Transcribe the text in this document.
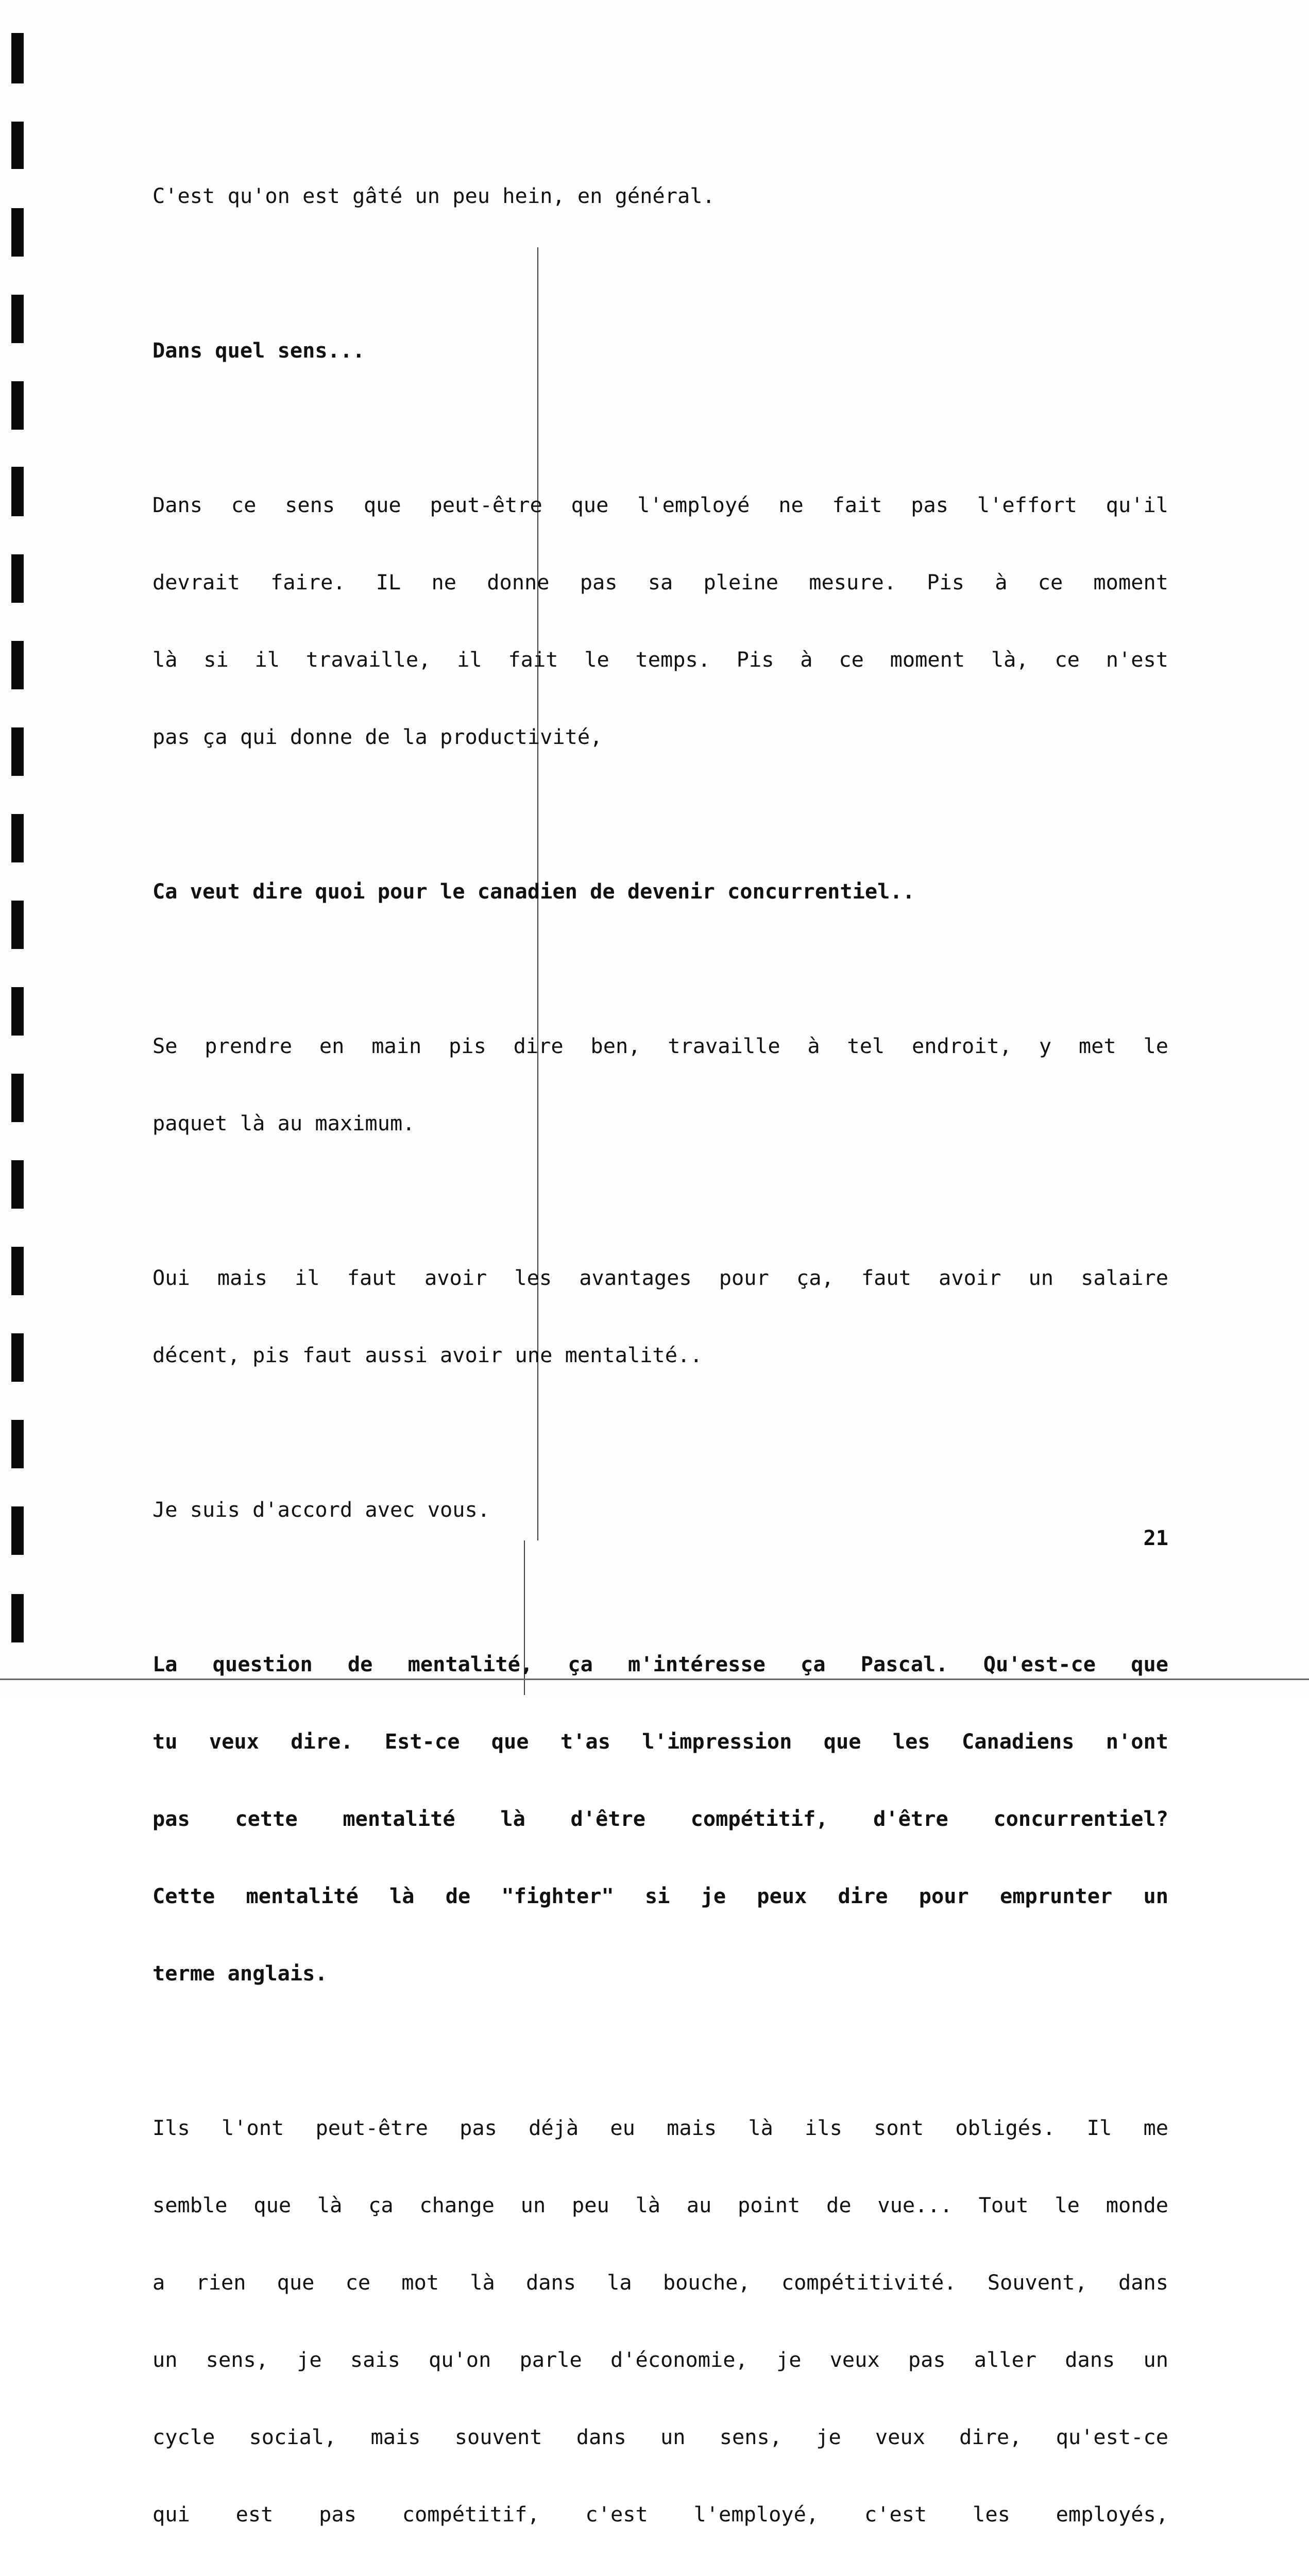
C'est qu'on est gâté un peu hein, en général.

Dans quel sens...

Dans ce sens que peut-être que l'employé ne fait pas l'effort qu'il

devrait faire. IL ne donne pas sa pleine mesure. Pis à ce moment

là si il travaille, il fait le temps. Pis à ce moment là, ce n'est

pas ça qui donne de la productivité,

Ca veut dire quoi pour le canadien de devenir concurrentiel..

Se prendre en main pis dire ben, travaille à tel endroit, y met le

paquet là au maximum.

Oui mais il faut avoir les avantages pour ça, faut avoir un salaire

décent, pis faut aussi avoir une mentalité..

Je suis d'accord avec vous.

La question de mentalité, ça m'intéresse ça Pascal. Qu'est-ce que

tu veux dire. Est-ce que t'as l'impression que les Canadiens n'ont

pas cette mentalité là d'être compétitif, d'être concurrentiel?

Cette mentalité là de "fighter" si je peux dire pour emprunter un

terme anglais.

Ils l'ont peut-être pas déjà eu mais là ils sont obligés. Il me

semble que là ça change un peu là au point de vue... Tout le monde

a rien que ce mot là dans la bouche, compétitivité. Souvent, dans

un sens, je sais qu'on parle d'économie, je veux pas aller dans un

cycle social, mais souvent dans un sens, je veux dire, qu'est-ce

qui est pas compétitif, c'est l'employé, c'est les employés,

21
